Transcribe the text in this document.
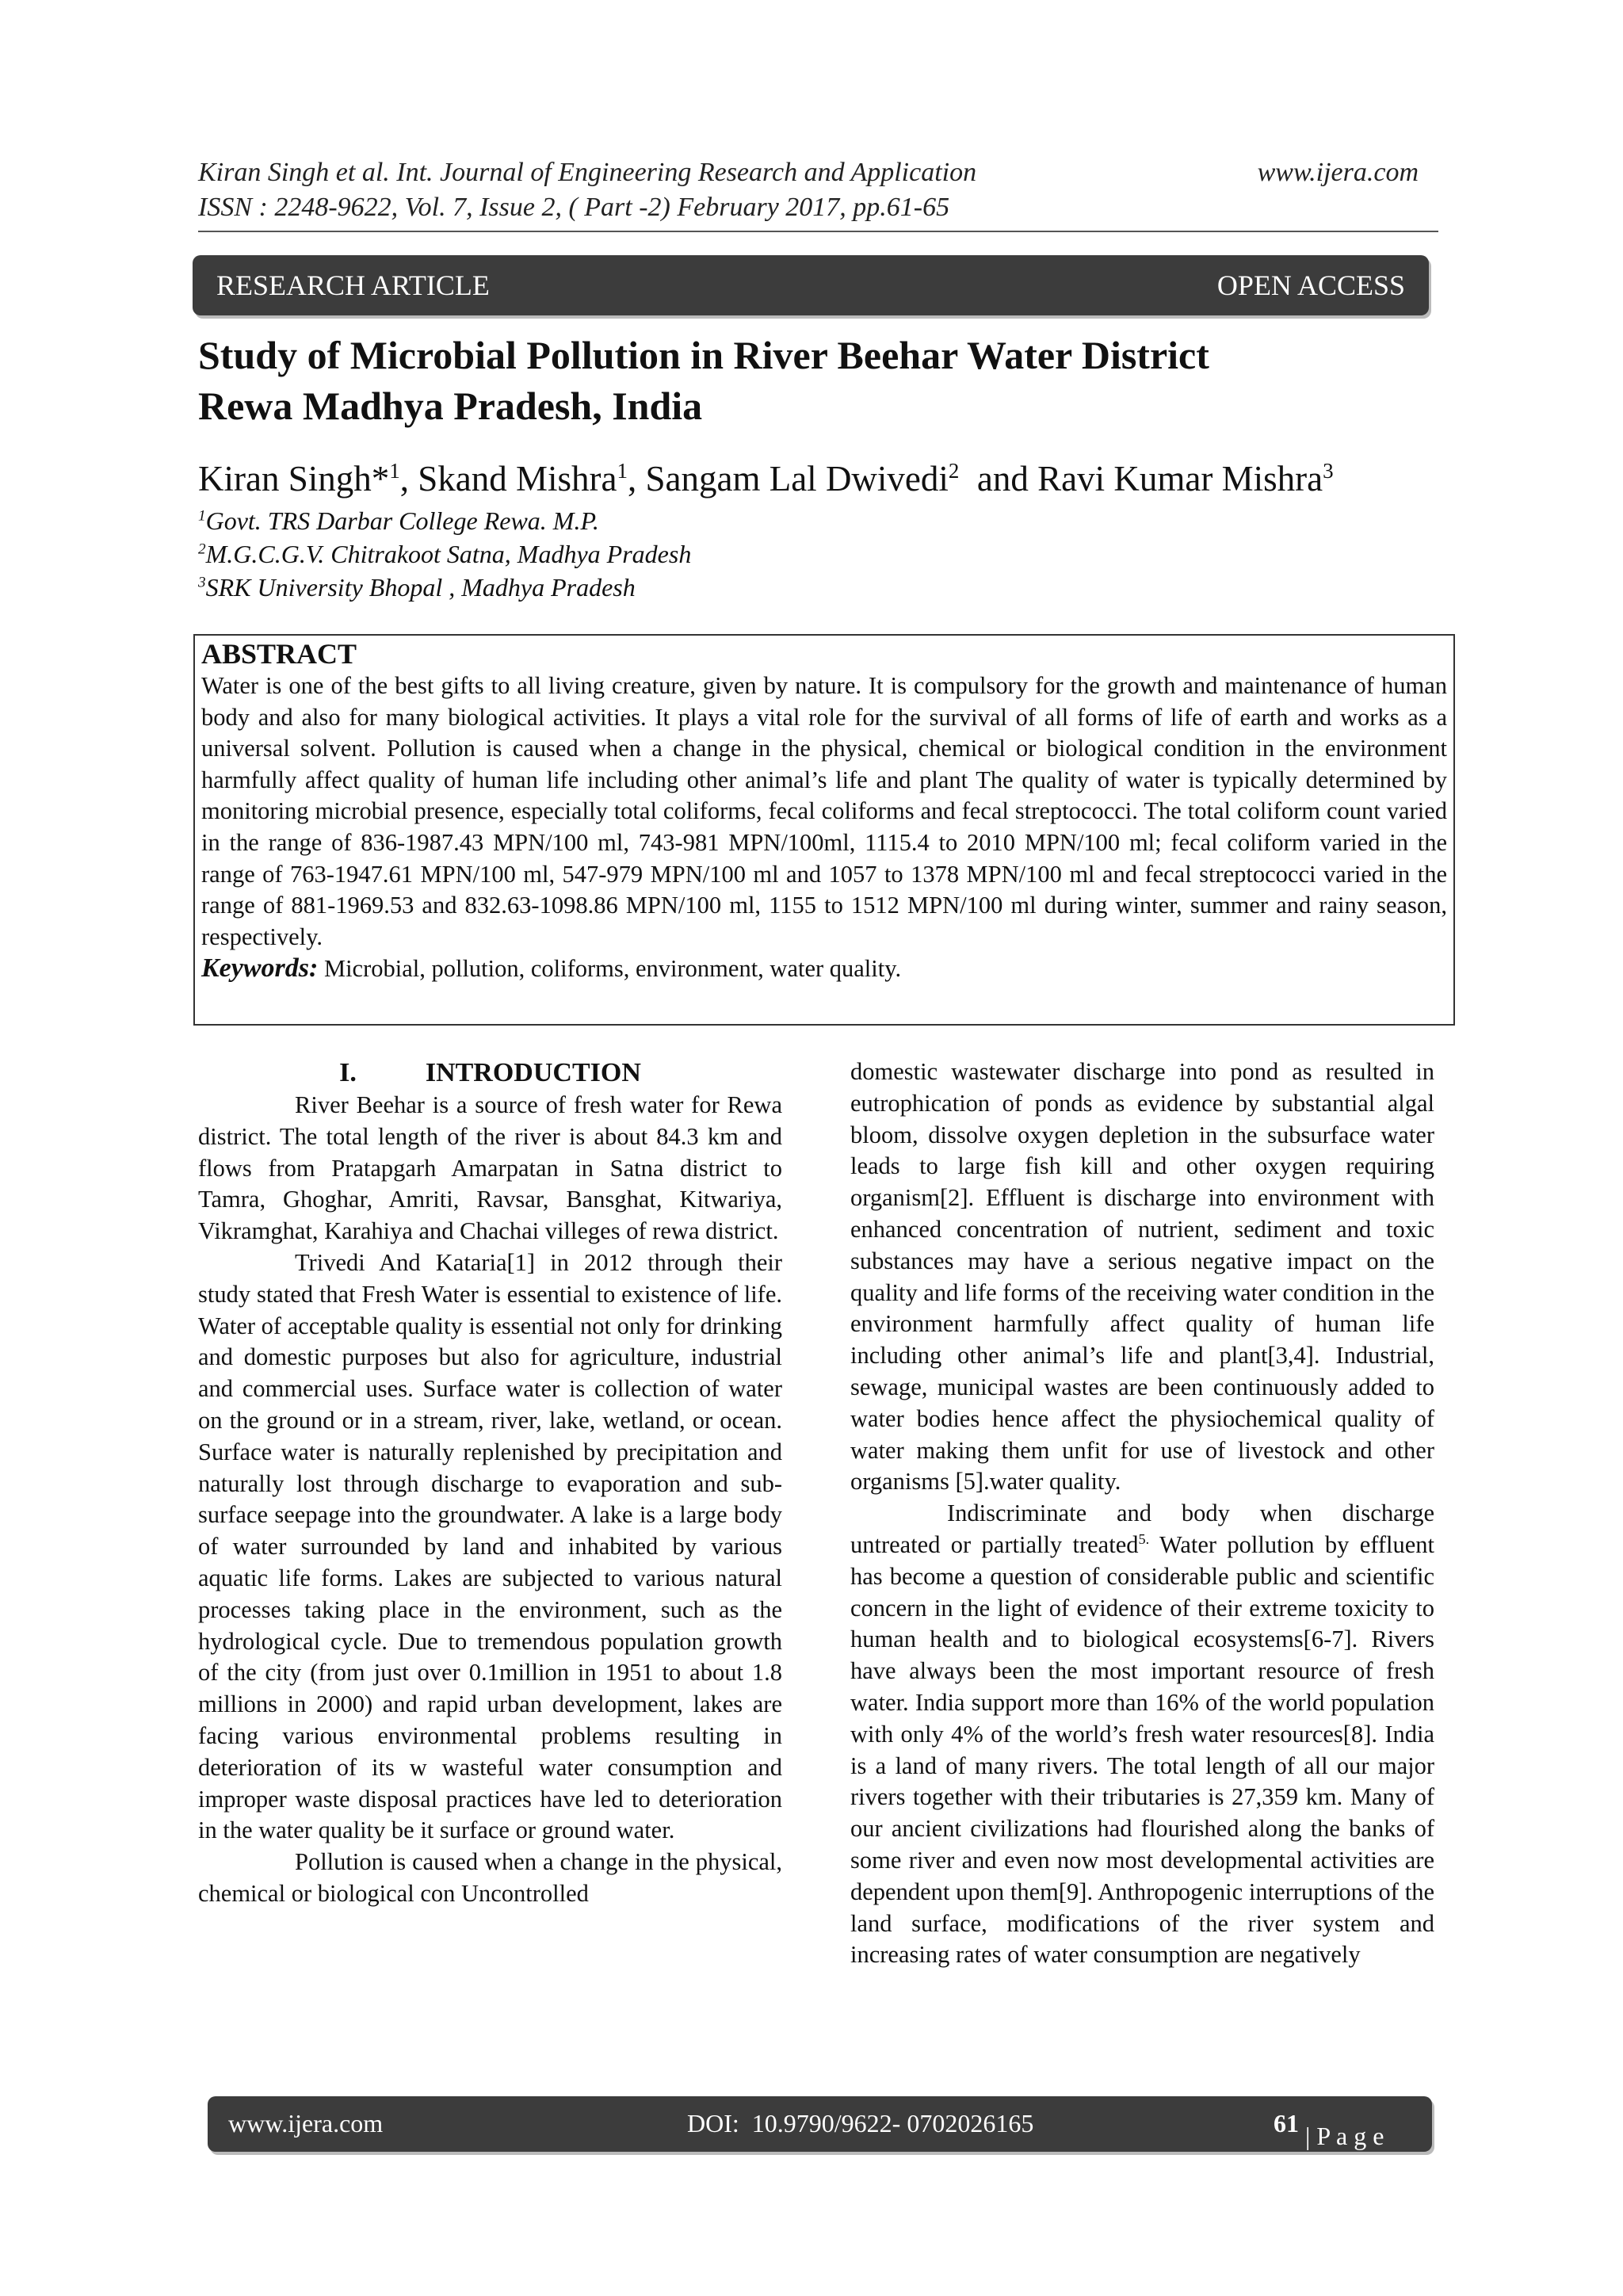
Kiran Singh et al. Int. Journal of Engineering Research and Application	www.ijera.com
ISSN : 2248-9622, Vol. 7, Issue 2, ( Part -2) February 2017, pp.61-65
RESEARCH ARTICLE	OPEN ACCESS
Study of Microbial Pollution in River Beehar Water District
Rewa Madhya Pradesh, India
Kiran Singh*$^1$, Skand Mishra$^1$, Sangam Lal Dwivedi$^2$  and Ravi Kumar Mishra$^3$
$^1$Govt. TRS Darbar College Rewa. M.P.
$^2$M.G.C.G.V. Chitrakoot Satna, Madhya Pradesh
$^3$SRK University Bhopal , Madhya Pradesh
ABSTRACT

Water is one of the best gifts to all living creature, given by nature. It is compulsory for the growth and maintenance of human body and also for many biological activities. It plays a vital role for the survival of all forms of life of earth and works as a universal solvent. Pollution is caused when a change in the physical, chemical or biological condition in the environment harmfully affect quality of human life including other animal’s life and plant The quality of water is typically determined by monitoring microbial presence, especially total coliforms, fecal coliforms and fecal streptococci. The total coliform count varied in the range of 836-1987.43 MPN/100 ml, 743-981 MPN/100ml, 1115.4 to 2010 MPN/100 ml; fecal coliform varied in the range of 763-1947.61 MPN/100 ml, 547-979 MPN/100 ml and 1057 to 1378 MPN/100 ml and fecal streptococci varied in the range of 881-1969.53 and 832.63-1098.86 MPN/100 ml, 1155 to 1512 MPN/100 ml during winter, summer and rainy season, respectively.

Keywords: Microbial, pollution, coliforms, environment, water quality.

I.      INTRODUCTION

River Beehar is a source of fresh water for Rewa district. The total length of the river is about 84.3 km and flows from Pratapgarh Amarpatan in Satna district to Tamra, Ghoghar, Amriti, Ravsar, Bansghat, Kitwariya, Vikramghat, Karahiya and Chachai villeges of rewa district.

Trivedi And Kataria[1] in 2012 through their study stated that Fresh Water is essential to existence of life. Water of acceptable quality is essential not only for drinking and domestic purposes but also for agriculture, industrial and commercial uses. Surface water is collection of water on the ground or in a stream, river, lake, wetland, or ocean. Surface water is naturally replenished by precipitation and naturally lost through discharge to evaporation and sub-surface seepage into the groundwater. A lake is a large body of water surrounded by land and inhabited by various aquatic life forms. Lakes are subjected to various natural processes taking place in the environment, such as the hydrological cycle. Due to tremendous population growth of the city (from just over 0.1million in 1951 to about 1.8 millions in 2000) and rapid urban development, lakes are facing various environmental problems resulting in deterioration of its w wasteful water consumption and improper waste disposal practices have led to deterioration in the water quality be it surface or ground water.

Pollution is caused when a change in the physical, chemical or biological con Uncontrolled

domestic wastewater discharge into pond as resulted in eutrophication of ponds as evidence by substantial algal bloom, dissolve oxygen depletion in the subsurface water leads to large fish kill and other oxygen requiring organism[2]. Effluent is discharge into environment with enhanced concentration of nutrient, sediment and toxic substances may have a serious negative impact on the quality and life forms of the receiving water condition in the environment harmfully affect quality of human life including other animal’s life and plant[3,4]. Industrial, sewage, municipal wastes are been continuously added to water bodies hence affect the physiochemical quality of water making them unfit for use of livestock and other organisms [5].water quality.

Indiscriminate and body when discharge untreated or partially treated$^{5.}$ Water pollution by effluent has become a question of considerable public and scientific concern in the light of evidence of their extreme toxicity to human health and to biological ecosystems[6-7]. Rivers have always been the most important resource of fresh water. India support more than 16% of the world population with only 4% of the world’s fresh water resources[8]. India is a land of many rivers. The total length of all our major rivers together with their tributaries is 27,359 km. Many of our ancient civilizations had flourished along the banks of some river and even now most developmental activities are dependent upon them[9]. Anthropogenic interruptions of the land surface, modifications of the river system and increasing rates of water consumption are negatively

www.ijera.com	DOI:  10.9790/9622- 0702026165	61 | P a g e
